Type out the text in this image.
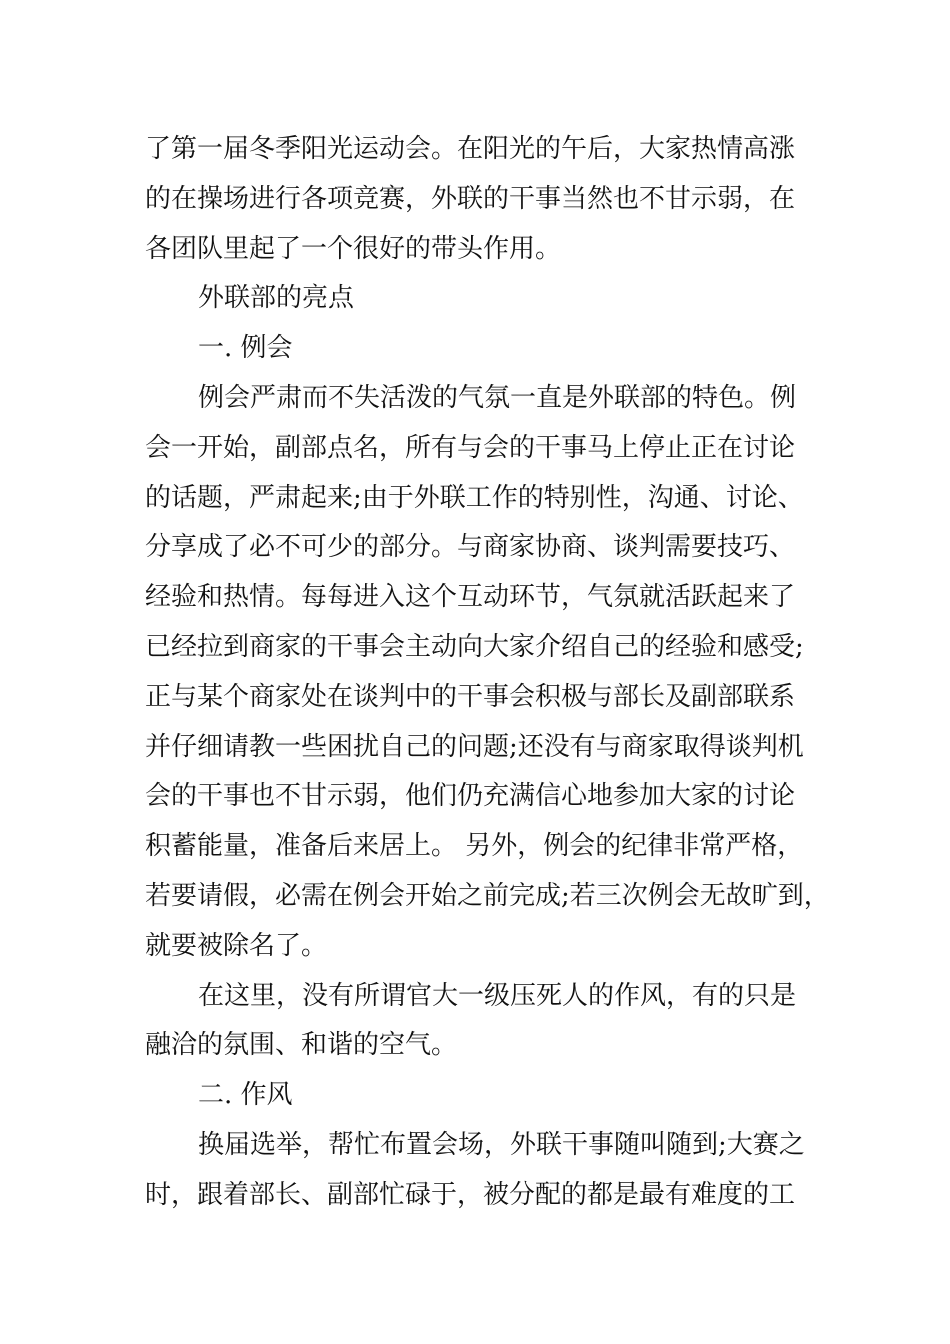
了第一届冬季阳光运动会。在阳光的午后，大家热情高涨

的在操场进行各项竞赛，外联的干事当然也不甘示弱，在

各团队里起了一个很好的带头作用。

外联部的亮点

一. 例会

例会严肃而不失活泼的气氛一直是外联部的特色。例

会一开始，副部点名，所有与会的干事马上停止正在讨论

的话题，严肃起来;由于外联工作的特别性，沟通、讨论、

分享成了必不可少的部分。与商家协商、谈判需要技巧、

经验和热情。每每进入这个互动环节，气氛就活跃起来了

已经拉到商家的干事会主动向大家介绍自己的经验和感受;

正与某个商家处在谈判中的干事会积极与部长及副部联系

并仔细请教一些困扰自己的问题;还没有与商家取得谈判机

会的干事也不甘示弱，他们仍充满信心地参加大家的讨论

积蓄能量，准备后来居上。 另外，例会的纪律非常严格，

若要请假，必需在例会开始之前完成;若三次例会无故旷到，

就要被除名了。

在这里，没有所谓官大一级压死人的作风，有的只是

融洽的氛围、和谐的空气。

二. 作风

换届选举，帮忙布置会场，外联干事随叫随到;大赛之

时，跟着部长、副部忙碌于，被分配的都是最有难度的工
